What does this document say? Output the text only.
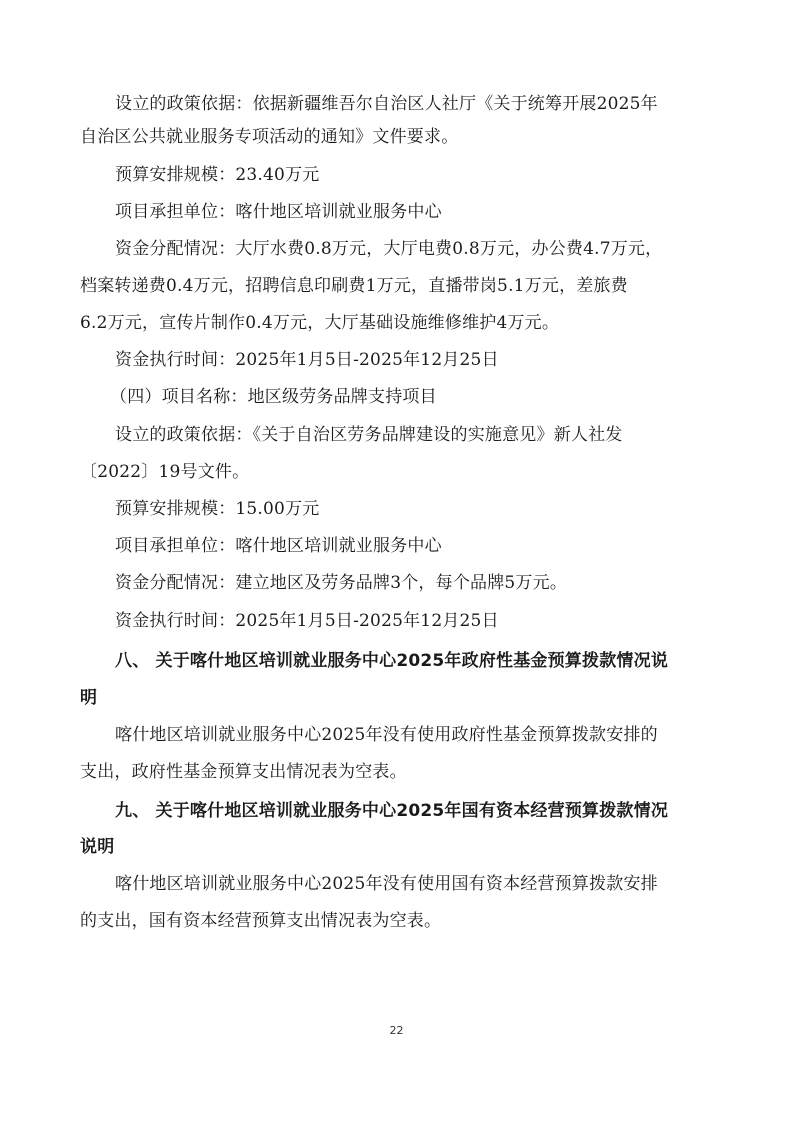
设立的政策依据：依据新疆维吾尔自治区人社厅《关于统筹开展2025年
自治区公共就业服务专项活动的通知》文件要求。
预算安排规模：23.40万元
项目承担单位：喀什地区培训就业服务中心
资金分配情况：大厅水费0.8万元，大厅电费0.8万元，办公费4.7万元，
档案转递费0.4万元，招聘信息印刷费1万元，直播带岗5.1万元，差旅费
6.2万元，宣传片制作0.4万元，大厅基础设施维修维护4万元。
资金执行时间：2025年1月5日-2025年12月25日
（四）项目名称：地区级劳务品牌支持项目
设立的政策依据：《关于自治区劳务品牌建设的实施意见》新人社发
〔2022〕19号文件。
预算安排规模：15.00万元
项目承担单位：喀什地区培训就业服务中心
资金分配情况：建立地区及劳务品牌3个，每个品牌5万元。
资金执行时间：2025年1月5日-2025年12月25日
八、 关于喀什地区培训就业服务中心2025年政府性基金预算拨款情况说
明
喀什地区培训就业服务中心2025年没有使用政府性基金预算拨款安排的
支出，政府性基金预算支出情况表为空表。
九、 关于喀什地区培训就业服务中心2025年国有资本经营预算拨款情况
说明
喀什地区培训就业服务中心2025年没有使用国有资本经营预算拨款安排
的支出，国有资本经营预算支出情况表为空表。
22
